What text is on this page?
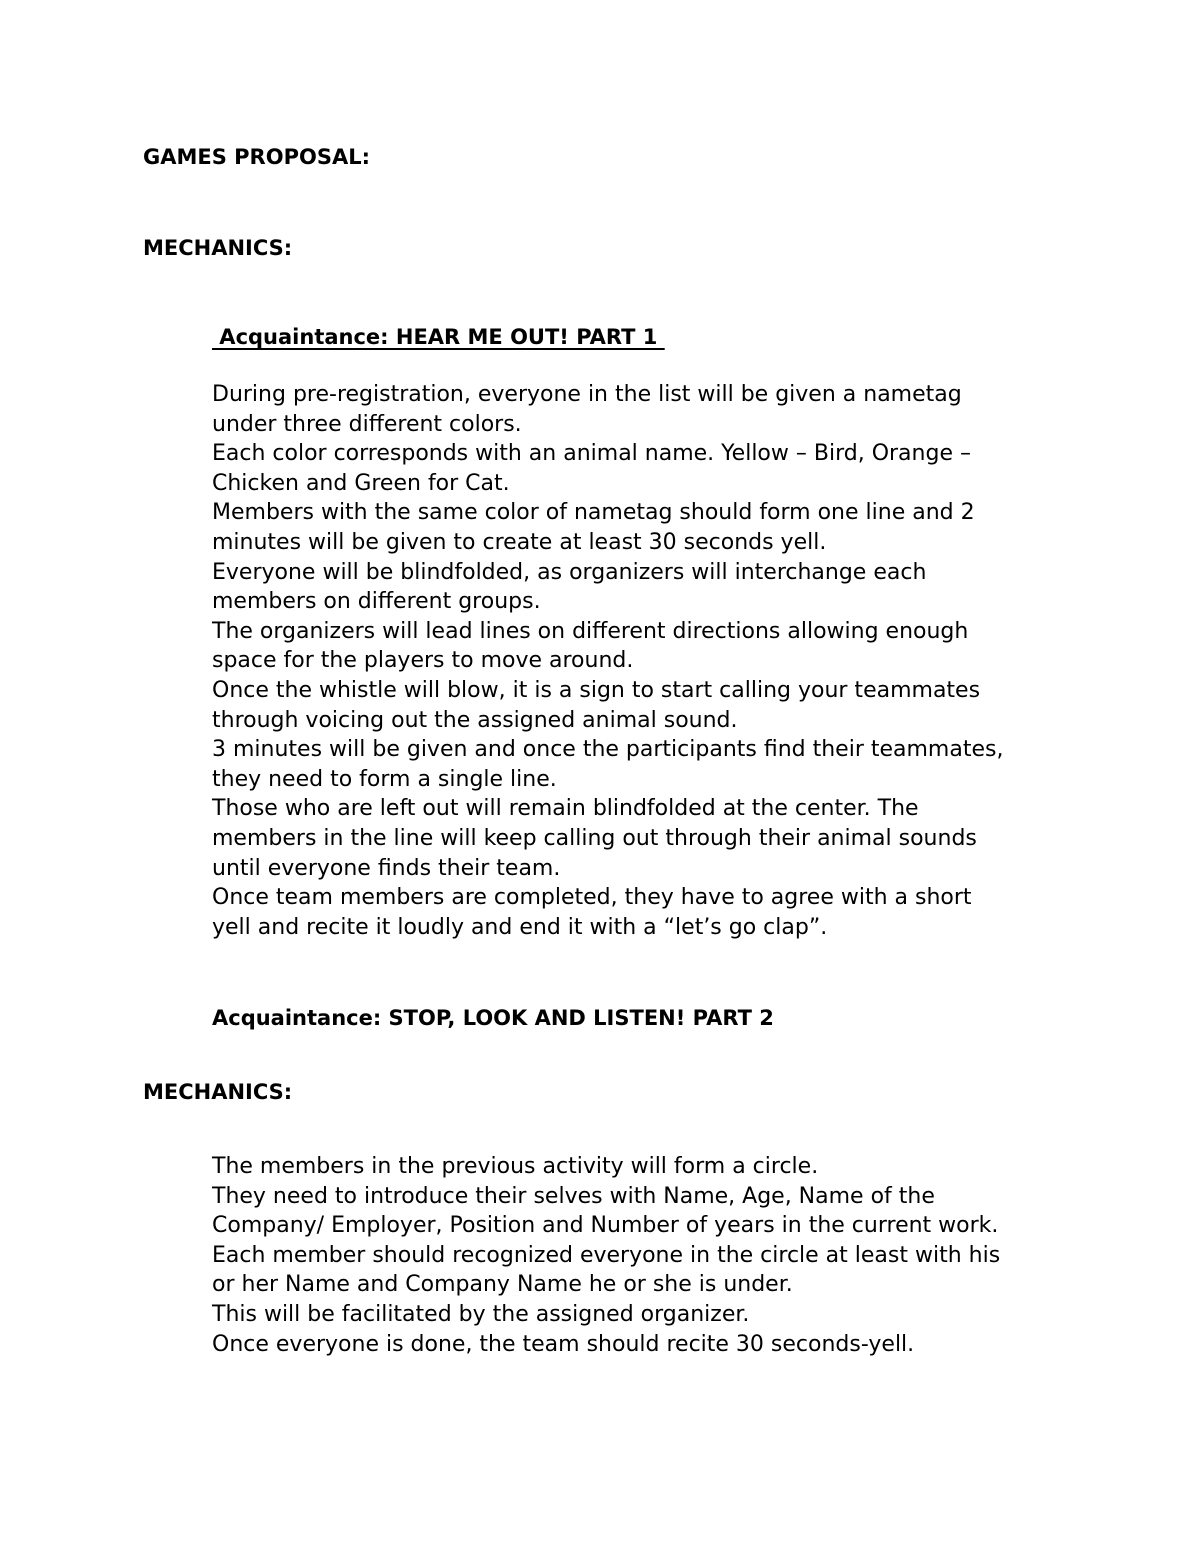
GAMES PROPOSAL:
MECHANICS:
Acquaintance: HEAR ME OUT! PART 1

During pre-registration, everyone in the list will be given a nametag

under three different colors.

Each color corresponds with an animal name. Yellow – Bird, Orange –

Chicken and Green for Cat.

Members with the same color of nametag should form one line and 2

minutes will be given to create at least 30 seconds yell.

Everyone will be blindfolded, as organizers will interchange each

members on different groups.

The organizers will lead lines on different directions allowing enough

space for the players to move around.

Once the whistle will blow, it is a sign to start calling your teammates

through voicing out the assigned animal sound.

3 minutes will be given and once the participants find their teammates,

they need to form a single line.

Those who are left out will remain blindfolded at the center. The

members in the line will keep calling out through their animal sounds

until everyone finds their team.

Once team members are completed, they have to agree with a short

yell and recite it loudly and end it with a “let’s go clap”.

Acquaintance: STOP, LOOK AND LISTEN! PART 2
MECHANICS:

The members in the previous activity will form a circle.

They need to introduce their selves with Name, Age, Name of the

Company/ Employer, Position and Number of years in the current work.

Each member should recognized everyone in the circle at least with his

or her Name and Company Name he or she is under.

This will be facilitated by the assigned organizer.

Once everyone is done, the team should recite 30 seconds-yell.
